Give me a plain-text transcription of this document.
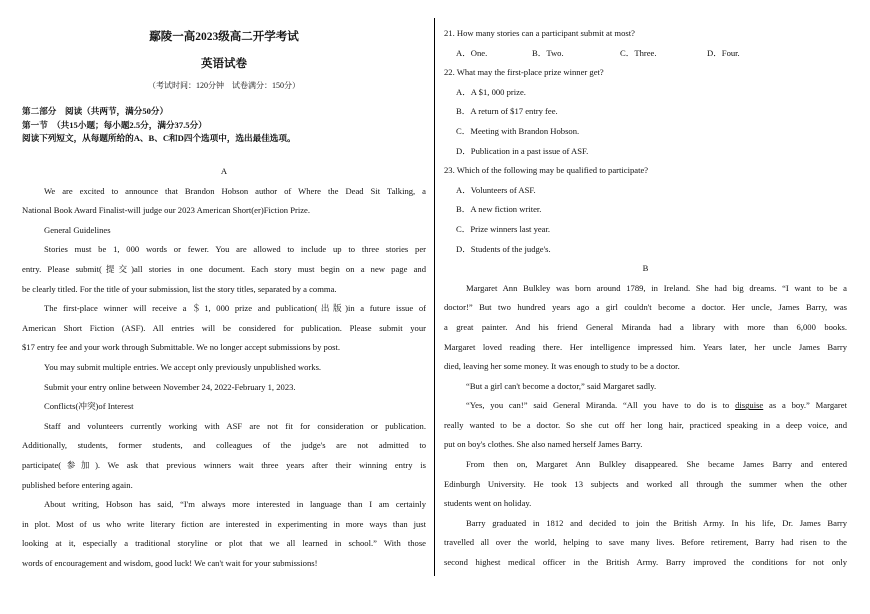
鄢陵一高2023级高二开学考试
英语试卷
（考试时间：120分钟　试卷满分：150分）
第二部分　阅读（共两节，满分50分）
第一节　（共15小题；每小题2.5分，满分37.5分）
阅读下列短文，从每题所给的A、B、C和D四个选项中，选出最佳选项。
A
We are excited to announce that Brandon Hobson author of Where the Dead Sit Talking, a
National Book Award Finalist-will judge our 2023 American Short(er)Fiction Prize.
General Guidelines
Stories must be 1, 000 words or fewer. You are allowed to include up to three stories per
entry. Please submit(提交)all stories in one document. Each story must begin on a new page and
be clearly titled. For the title of your submission, list the story titles, separated by a comma.
The first-place winner will receive a ＄1, 000 prize and publication(出版)in a future issue of
American Short Fiction (ASF). All entries will be considered for publication. Please submit your
$17 entry fee and your work through Submittable. We no longer accept submissions by post.
You may submit multiple entries. We accept only previously unpublished works.
Submit your entry online between November 24, 2022-February 1, 2023.
Conflicts(冲突)of Interest
Staff and volunteers currently working with ASF are not fit for consideration or publication.
Additionally, students, former students, and colleagues of the judge's are not admitted to
participate(参加). We ask that previous winners wait three years after their winning entry is
published before entering again.
About writing, Hobson has said, “I'm always more interested in language than I am certainly
in plot. Most of us who write literary fiction are interested in experimenting in more ways than just
looking at it, especially a traditional storyline or plot that we all learned in school.” With those
words of encouragement and wisdom, good luck! We can't wait for your submissions!
21. How many stories can a participant submit at most?
A．One.	B．Two.	C．Three.	D．Four.
22. What may the first-place prize winner get?
A．A $1, 000 prize.
B．A return of $17 entry fee.
C．Meeting with Brandon Hobson.
D．Publication in a past issue of ASF.
23. Which of the following may be qualified to participate?
A．Volunteers of ASF.
B．A new fiction writer.
C．Prize winners last year.
D．Students of the judge's.
B
Margaret Ann Bulkley was born around 1789, in Ireland. She had big dreams. “I want to be a
doctor!” But two hundred years ago a girl couldn't become a doctor. Her uncle, James Barry, was
a great painter. And his friend General Miranda had a library with more than 6,000 books.
Margaret loved reading there. Her intelligence impressed him. Years later, her uncle James Barry
died, leaving her some money. It was enough to study to be a doctor.
“But a girl can't become a doctor,” said Margaret sadly.
“Yes, you can!” said General Miranda. “All you have to do is to disguise as a boy.” Margaret
really wanted to be a doctor. So she cut off her long hair, practiced speaking in a deep voice, and
put on boy's clothes. She also named herself James Barry.
From then on, Margaret Ann Bulkley disappeared. She became James Barry and entered
Edinburgh University. He took 13 subjects and worked all through the summer when the other
students went on holiday.
Barry graduated in 1812 and decided to join the British Army. In his life, Dr. James Barry
travelled all over the world, helping to save many lives. Before retirement, Barry had risen to the
second highest medical officer in the British Army. Barry improved the conditions for not only
